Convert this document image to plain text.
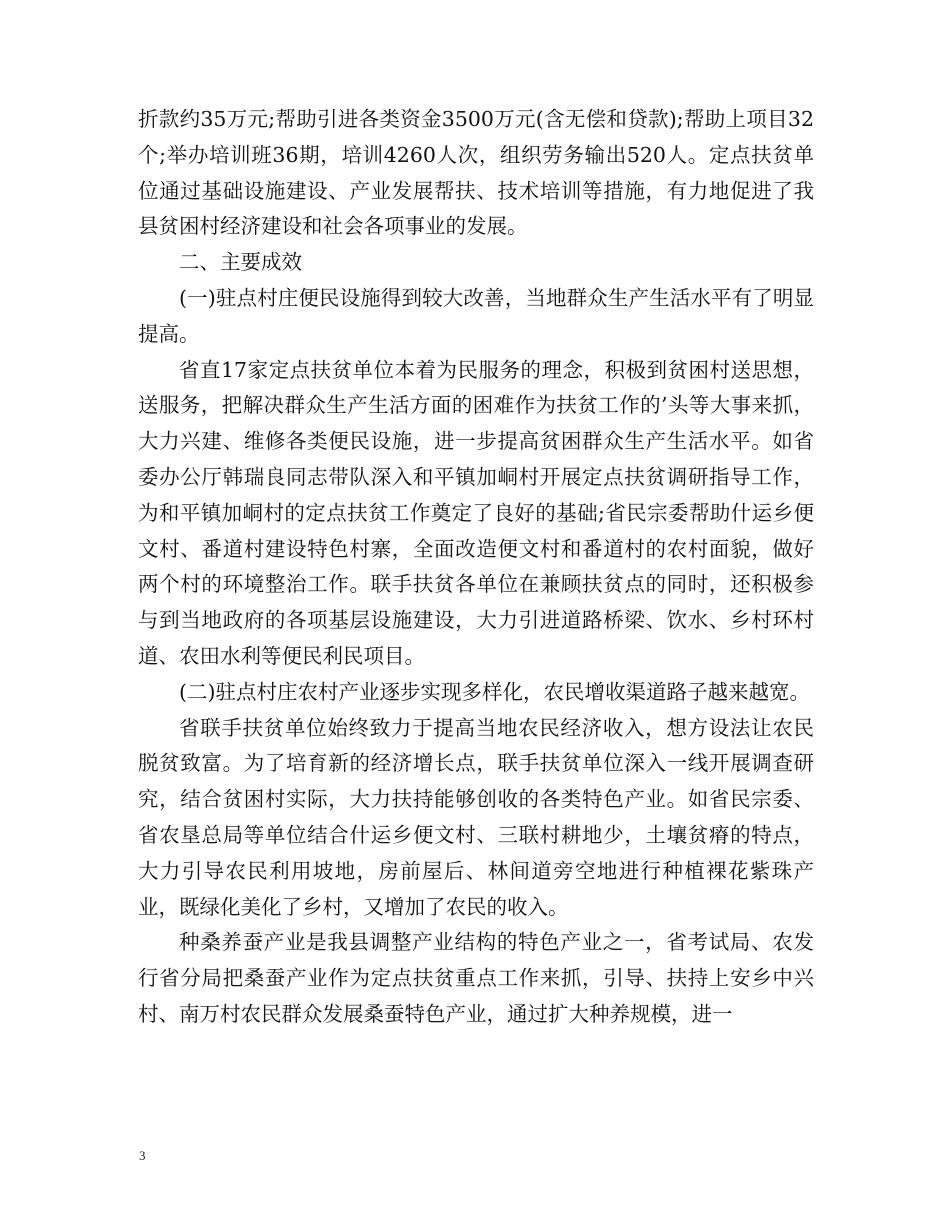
折款约35万元;帮助引进各类资金3500万元(含无偿和贷款);帮助上项目32个;举办培训班36期，培训4260人次，组织劳务输出520人。定点扶贫单位通过基础设施建设、产业发展帮扶、技术培训等措施，有力地促进了我县贫困村经济建设和社会各项事业的发展。

二、主要成效

(一)驻点村庄便民设施得到较大改善，当地群众生产生活水平有了明显提高。

省直17家定点扶贫单位本着为民服务的理念，积极到贫困村送思想，送服务，把解决群众生产生活方面的困难作为扶贫工作的’头等大事来抓，大力兴建、维修各类便民设施，进一步提高贫困群众生产生活水平。如省委办公厅韩瑞良同志带队深入和平镇加峒村开展定点扶贫调研指导工作，为和平镇加峒村的定点扶贫工作奠定了良好的基础;省民宗委帮助什运乡便文村、番道村建设特色村寨，全面改造便文村和番道村的农村面貌，做好两个村的环境整治工作。联手扶贫各单位在兼顾扶贫点的同时，还积极参与到当地政府的各项基层设施建设，大力引进道路桥梁、饮水、乡村环村道、农田水利等便民利民项目。

(二)驻点村庄农村产业逐步实现多样化，农民增收渠道路子越来越宽。

省联手扶贫单位始终致力于提高当地农民经济收入，想方设法让农民脱贫致富。为了培育新的经济增长点，联手扶贫单位深入一线开展调查研究，结合贫困村实际，大力扶持能够创收的各类特色产业。如省民宗委、省农垦总局等单位结合什运乡便文村、三联村耕地少，土壤贫瘠的特点，大力引导农民利用坡地，房前屋后、林间道旁空地进行种植裸花紫珠产业，既绿化美化了乡村，又增加了农民的收入。

种桑养蚕产业是我县调整产业结构的特色产业之一，省考试局、农发行省分局把桑蚕产业作为定点扶贫重点工作来抓，引导、扶持上安乡中兴村、南万村农民群众发展桑蚕特色产业，通过扩大种养规模，进一

3
